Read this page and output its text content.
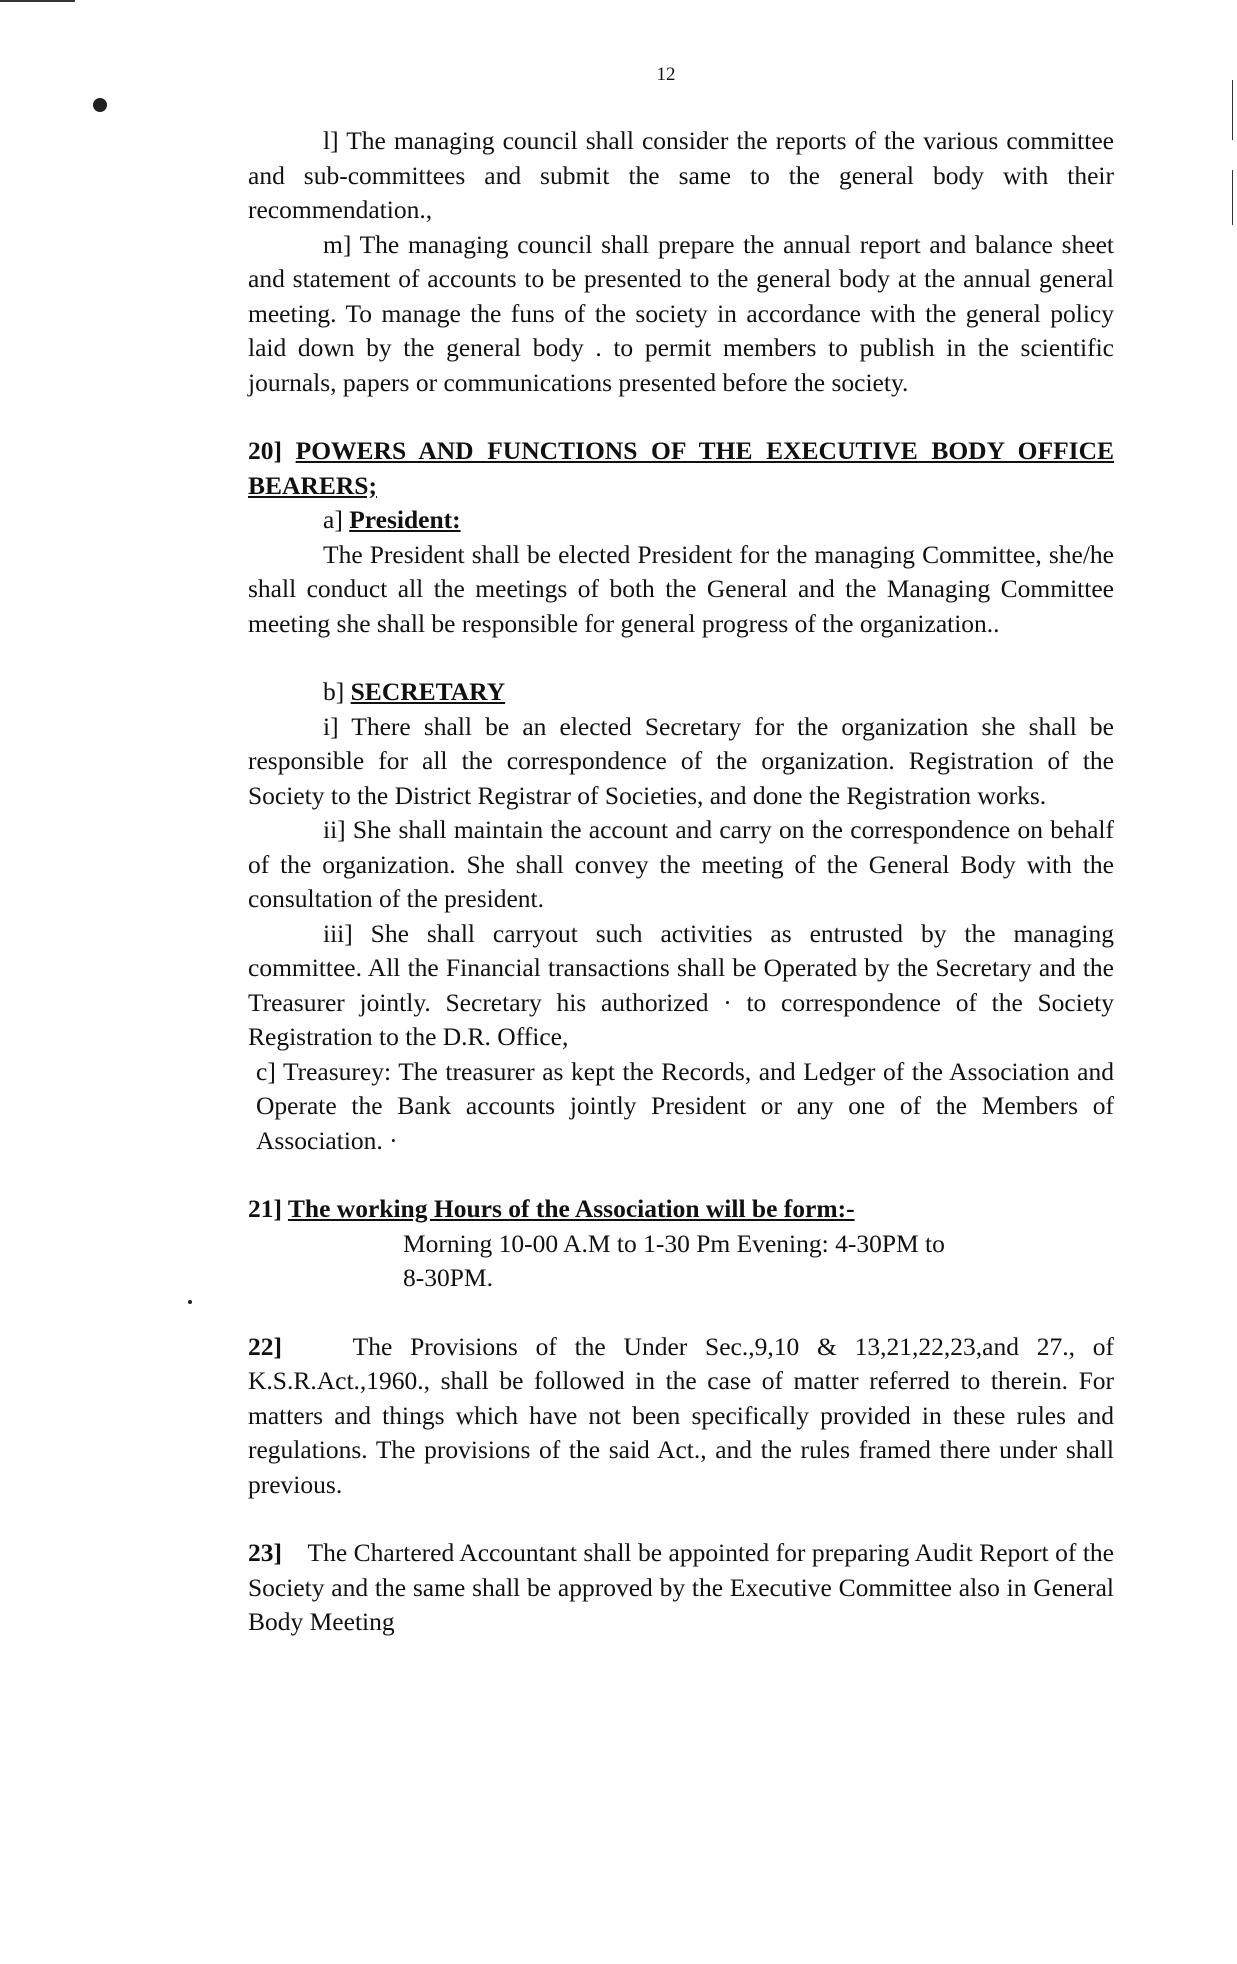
12

l] The managing council shall consider the reports of the various committee and sub-committees and submit the same to the general body with their recommendation.,

m] The managing council shall prepare the annual report and balance sheet and statement of accounts to be presented to the general body at the annual general meeting. To manage the funs of the society in accordance with the general policy laid down by the general body . to permit members to publish in the scientific journals, papers or communications presented before the society.

20] POWERS AND FUNCTIONS OF THE EXECUTIVE BODY OFFICE BEARERS;

a] President:

The President shall be elected President for the managing Committee, she/he shall conduct all the meetings of both the General and the Managing Committee meeting she shall be responsible for general progress of the organization..

b] SECRETARY

i] There shall be an elected Secretary for the organization she shall be responsible for all the correspondence of the organization. Registration of the Society to the District Registrar of Societies, and done the Registration works.

ii] She shall maintain the account and carry on the correspondence on behalf of the organization. She shall convey the meeting of the General Body with the consultation of the president.

iii] She shall carryout such activities as entrusted by the managing committee. All the Financial transactions shall be Operated by the Secretary and the Treasurer jointly. Secretary his authorized · to correspondence of the Society Registration to the D.R. Office,

c] Treasurey: The treasurer as kept the Records, and Ledger of the Association and Operate the Bank accounts jointly President or any one of the Members of Association. ·

21] The working Hours of the Association will be form:-

Morning 10-00 A.M to 1-30 Pm Evening: 4-30PM to

8-30PM.

22]	The Provisions of the Under Sec.,9,10 & 13,21,22,23,and 27., of K.S.R.Act.,1960., shall be followed in the case of matter referred to therein. For matters and things which have not been specifically provided in these rules and regulations. The provisions of the said Act., and the rules framed there under shall previous.

23] The Chartered Accountant shall be appointed for preparing Audit Report of the Society and the same shall be approved by the Executive Committee also in General Body Meeting
